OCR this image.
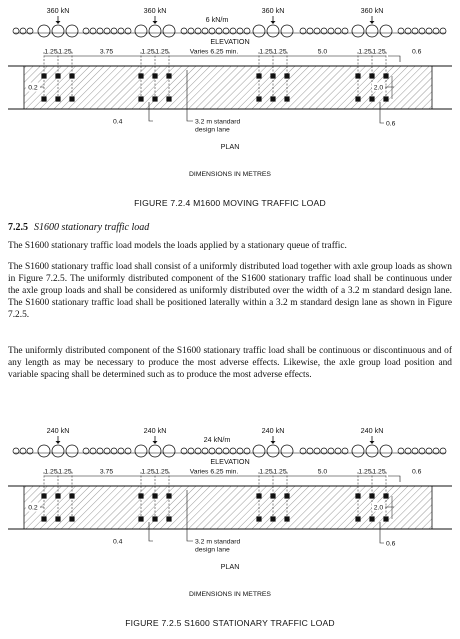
360 kN	360 kN	360 kN	360 kN
6 kN/m
ELEVATION
1.25 1.25	3.75	1.25 1.25	Varies 6.25 min.	1.25 1.25	5.0	1.25 1.25	0.6
0.2
0.4	3.2 m standard
design lane
2.0
0.6
PLAN
DIMENSIONS IN METRES
FIGURE 7.2.4 M1600 MOVING TRAFFIC LOAD
7.2.5 S1600 stationary traffic load
The S1600 stationary traffic load models the loads applied by a stationary queue of traffic.
The S1600 stationary traffic load shall consist of a uniformly distributed load together with axle group loads as shown in Figure 7.2.5. The uniformly distributed component of the S1600 stationary traffic load shall be continuous under the axle group loads and shall be considered as uniformly distributed over the width of a 3.2 m standard design lane. The S1600 stationary traffic load shall be positioned laterally within a 3.2 m standard design lane as shown in Figure 7.2.5.
The uniformly distributed component of the S1600 stationary traffic load shall be continuous or discontinuous and of any length as may be necessary to produce the most adverse effects. Likewise, the axle group load position and variable spacing shall be determined such as to produce the most adverse effects.
240 kN	240 kN	240 kN	240 kN
24 kN/m
ELEVATION
1.25 1.25	3.75	1.25 1.25	Varies 6.25 min.	1.25 1.25	5.0	1.25 1.25	0.6
0.2
0.4	3.2 m standard
design lane
2.0
0.6
PLAN
DIMENSIONS IN METRES
FIGURE 7.2.5 S1600 STATIONARY TRAFFIC LOAD
